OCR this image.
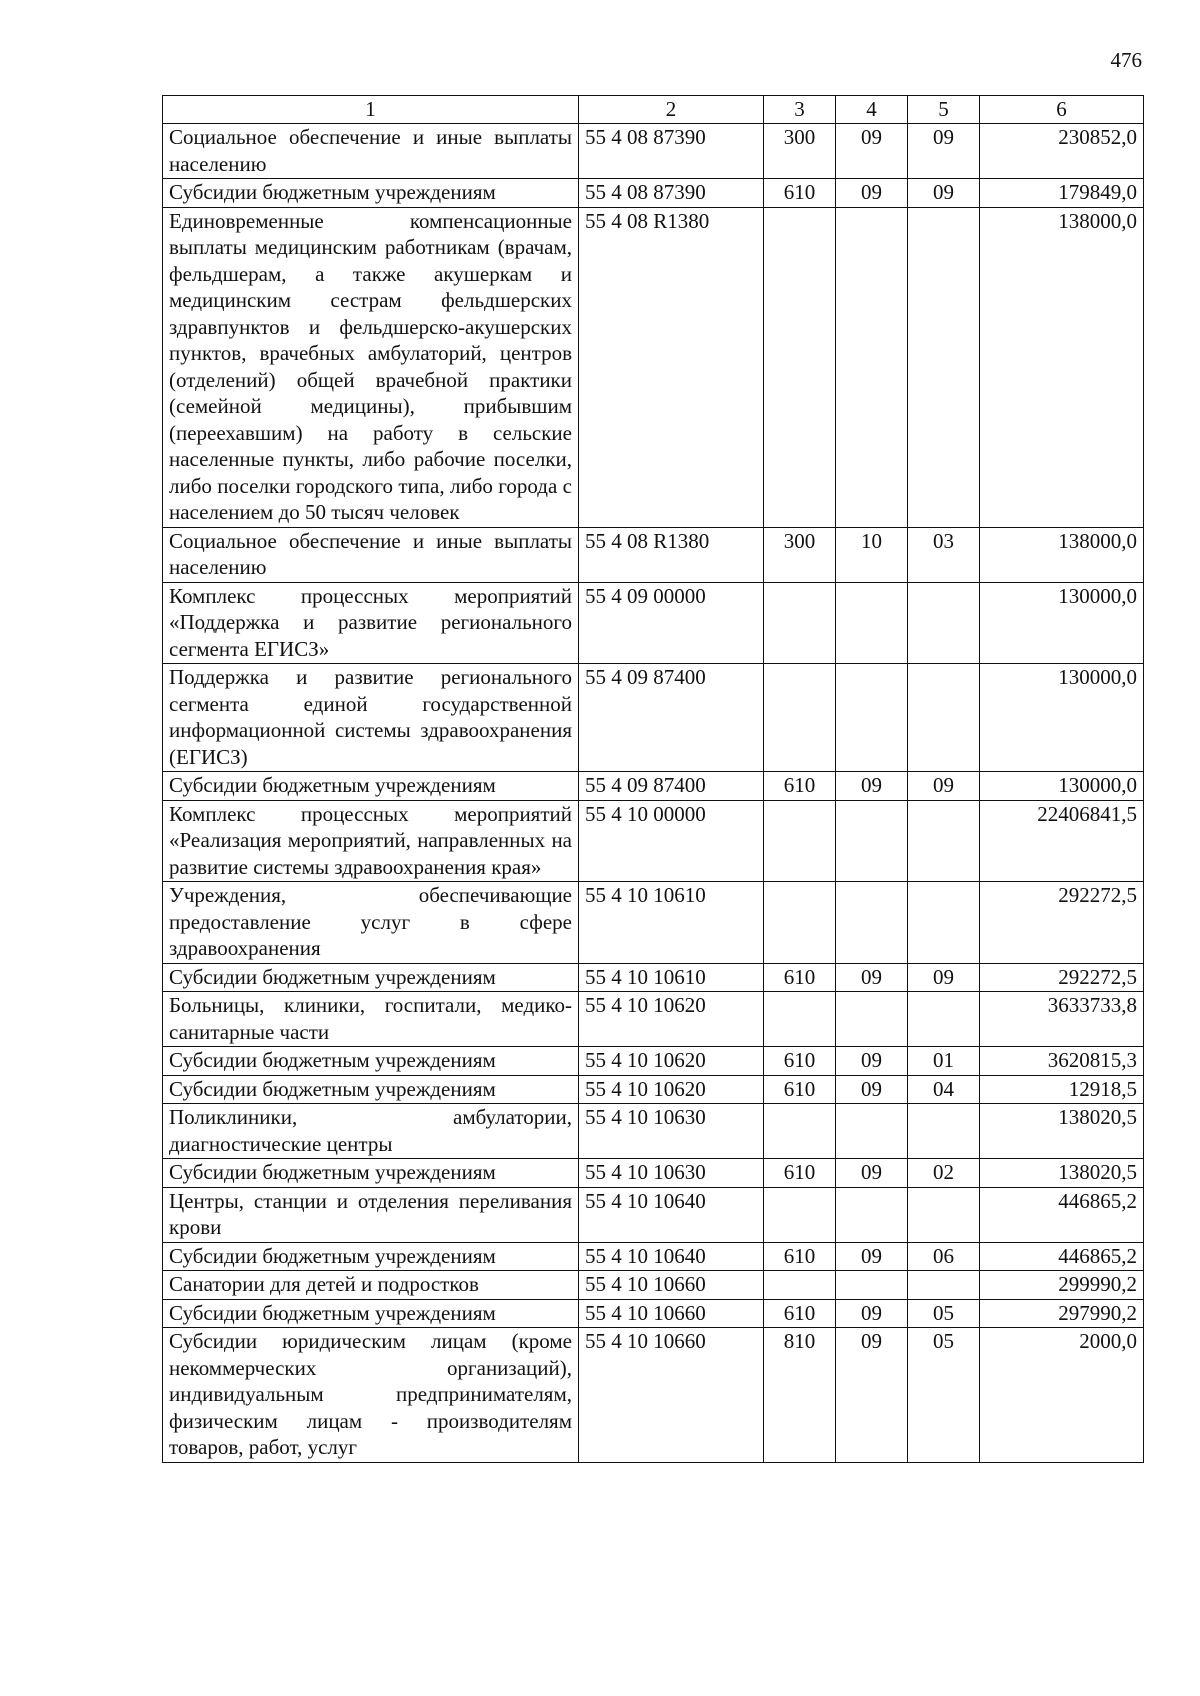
476
1	2	3	4	5	6
Социальное обеспечение и иные выплаты населению	55 4 08 87390	300	09	09	230852,0
Субсидии бюджетным учреждениям	55 4 08 87390	610	09	09	179849,0
Единовременные компенсационные выплаты медицинским работникам (врачам, фельдшерам, а также акушеркам и медицинским сестрам фельдшерских здравпунктов и фельдшерско-акушерских пунктов, врачебных амбулаторий, центров (отделений) общей врачебной практики (семейной медицины), прибывшим (переехавшим) на работу в сельские населенные пункты, либо рабочие поселки, либо поселки городского типа, либо города с населением до 50 тысяч человек	55 4 08 R1380				138000,0
Социальное обеспечение и иные выплаты населению	55 4 08 R1380	300	10	03	138000,0
Комплекс процессных мероприятий «Поддержка и развитие регионального сегмента ЕГИСЗ»	55 4 09 00000				130000,0
Поддержка и развитие регионального сегмента единой государственной информационной системы здравоохранения (ЕГИСЗ)	55 4 09 87400				130000,0
Субсидии бюджетным учреждениям	55 4 09 87400	610	09	09	130000,0
Комплекс процессных мероприятий «Реализация мероприятий, направленных на развитие системы здравоохранения края»	55 4 10 00000				22406841,5
Учреждения, обеспечивающие предоставление услуг в сфере здравоохранения	55 4 10 10610				292272,5
Субсидии бюджетным учреждениям	55 4 10 10610	610	09	09	292272,5
Больницы, клиники, госпитали, медико-санитарные части	55 4 10 10620				3633733,8
Субсидии бюджетным учреждениям	55 4 10 10620	610	09	01	3620815,3
Субсидии бюджетным учреждениям	55 4 10 10620	610	09	04	12918,5
Поликлиники, амбулатории, диагностические центры	55 4 10 10630				138020,5
Субсидии бюджетным учреждениям	55 4 10 10630	610	09	02	138020,5
Центры, станции и отделения переливания крови	55 4 10 10640				446865,2
Субсидии бюджетным учреждениям	55 4 10 10640	610	09	06	446865,2
Санатории для детей и подростков	55 4 10 10660				299990,2
Субсидии бюджетным учреждениям	55 4 10 10660	610	09	05	297990,2
Субсидии юридическим лицам (кроме некоммерческих организаций), индивидуальным предпринимателям, физическим лицам - производителям товаров, работ, услуг	55 4 10 10660	810	09	05	2000,0
